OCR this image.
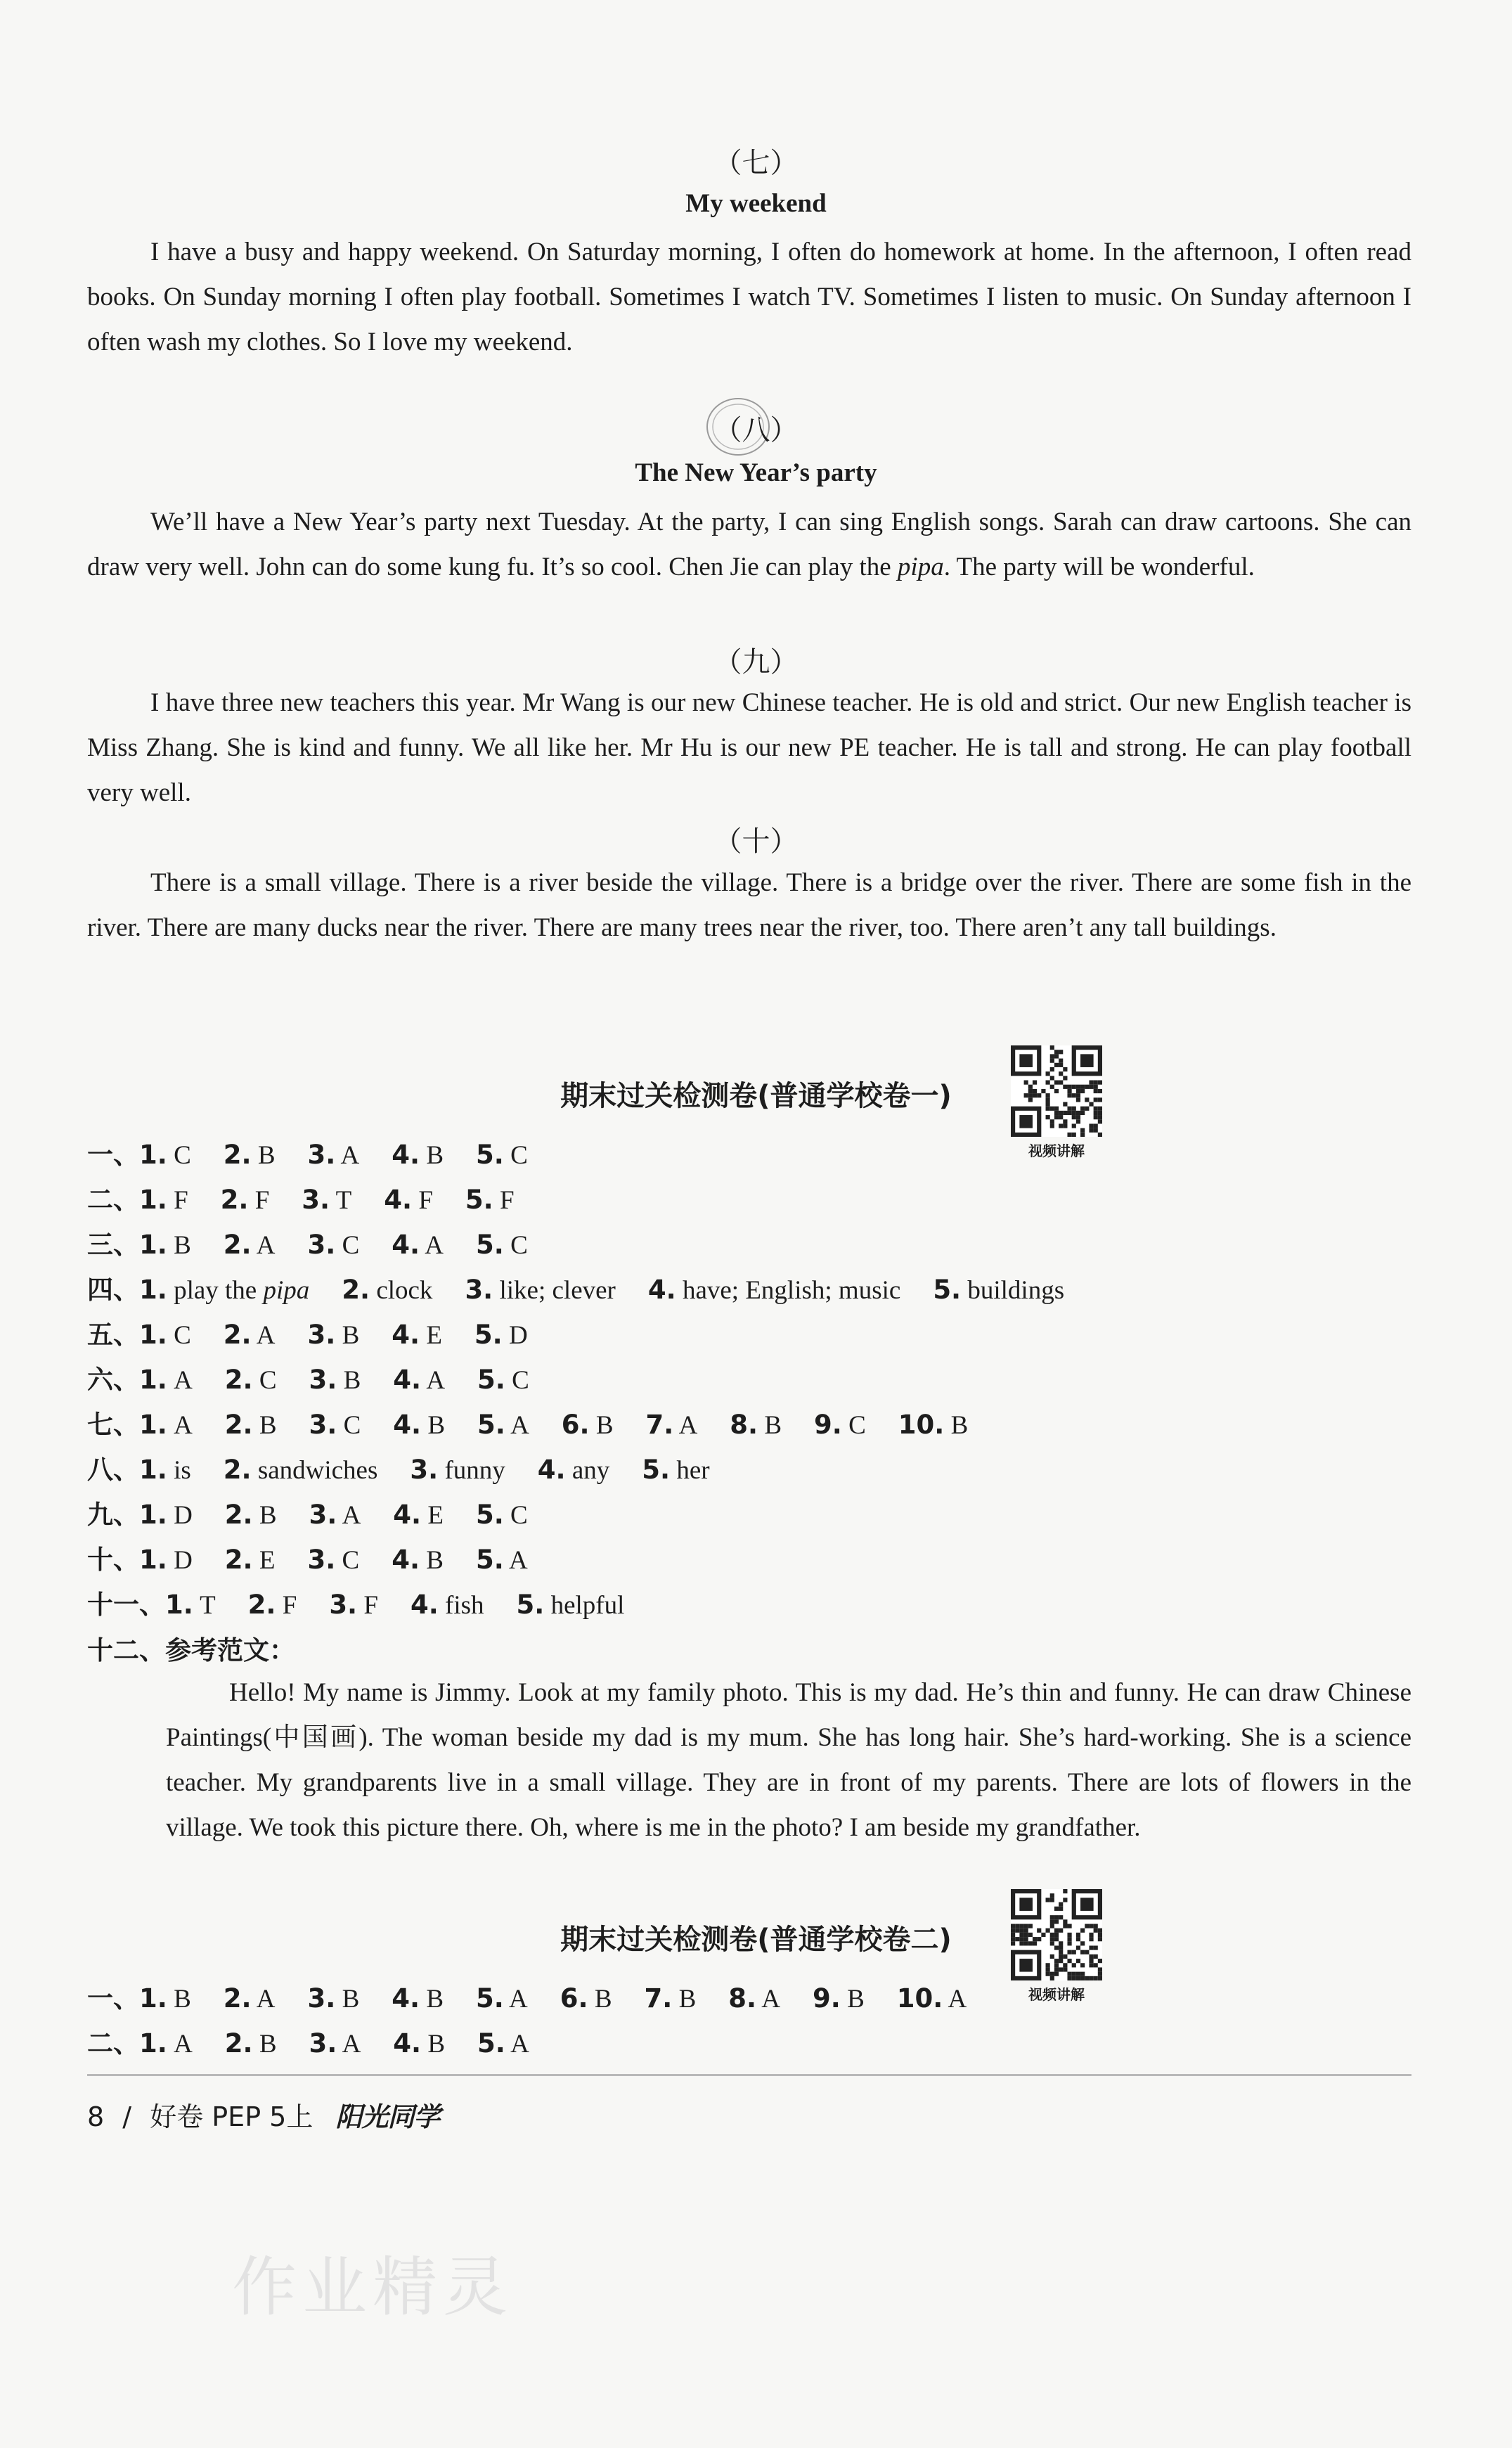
（七）
My weekend

I have a busy and happy weekend. On Saturday morning, I often do homework at home. In the afternoon, I often read books. On Sunday morning I often play football. Sometimes I watch TV. Sometimes I listen to music. On Sunday afternoon I often wash my clothes. So I love my weekend.

（八）
The New Year’s party

We’ll have a New Year’s party next Tuesday. At the party, I can sing English songs. Sarah can draw cartoons. She can draw very well. John can do some kung fu. It’s so cool. Chen Jie can play the pipa. The party will be wonderful.

（九）

I have three new teachers this year. Mr Wang is our new Chinese teacher. He is old and strict. Our new English teacher is Miss Zhang. She is kind and funny. We all like her. Mr Hu is our new PE teacher. He is tall and strong. He can play football very well.

（十）

There is a small village. There is a river beside the village. There is a bridge over the river. There are some fish in the river. There are many ducks near the river. There are many trees near the river, too. There aren’t any tall buildings.

期末过关检测卷(普通学校卷一)
视频讲解
一、1. C 2. B 3. A 4. B 5. C
二、1. F 2. F 3. T 4. F 5. F
三、1. B 2. A 3. C 4. A 5. C
四、1. play the pipa 2. clock 3. like; clever 4. have; English; music 5. buildings
五、1. C 2. A 3. B 4. E 5. D
六、1. A 2. C 3. B 4. A 5. C
七、1. A 2. B 3. C 4. B 5. A 6. B 7. A 8. B 9. C 10. B
八、1. is 2. sandwiches 3. funny 4. any 5. her
九、1. D 2. B 3. A 4. E 5. C
十、1. D 2. E 3. C 4. B 5. A
十一、1. T 2. F 3. F 4. fish 5. helpful
十二、参考范文：

Hello! My name is Jimmy. Look at my family photo. This is my dad. He’s thin and funny. He can draw Chinese Paintings(中国画). The woman beside my dad is my mum. She has long hair. She’s hard-working. She is a science teacher. My grandparents live in a small village. They are in front of my parents. There are lots of flowers in the village. We took this picture there. Oh, where is me in the photo? I am beside my grandfather.

期末过关检测卷(普通学校卷二)
视频讲解
一、1. B 2. A 3. B 4. B 5. A 6. B 7. B 8. A 9. B 10. A
二、1. A 2. B 3. A 4. B 5. A
8 / 好卷 PEP 5上 阳光同学
作业精灵
